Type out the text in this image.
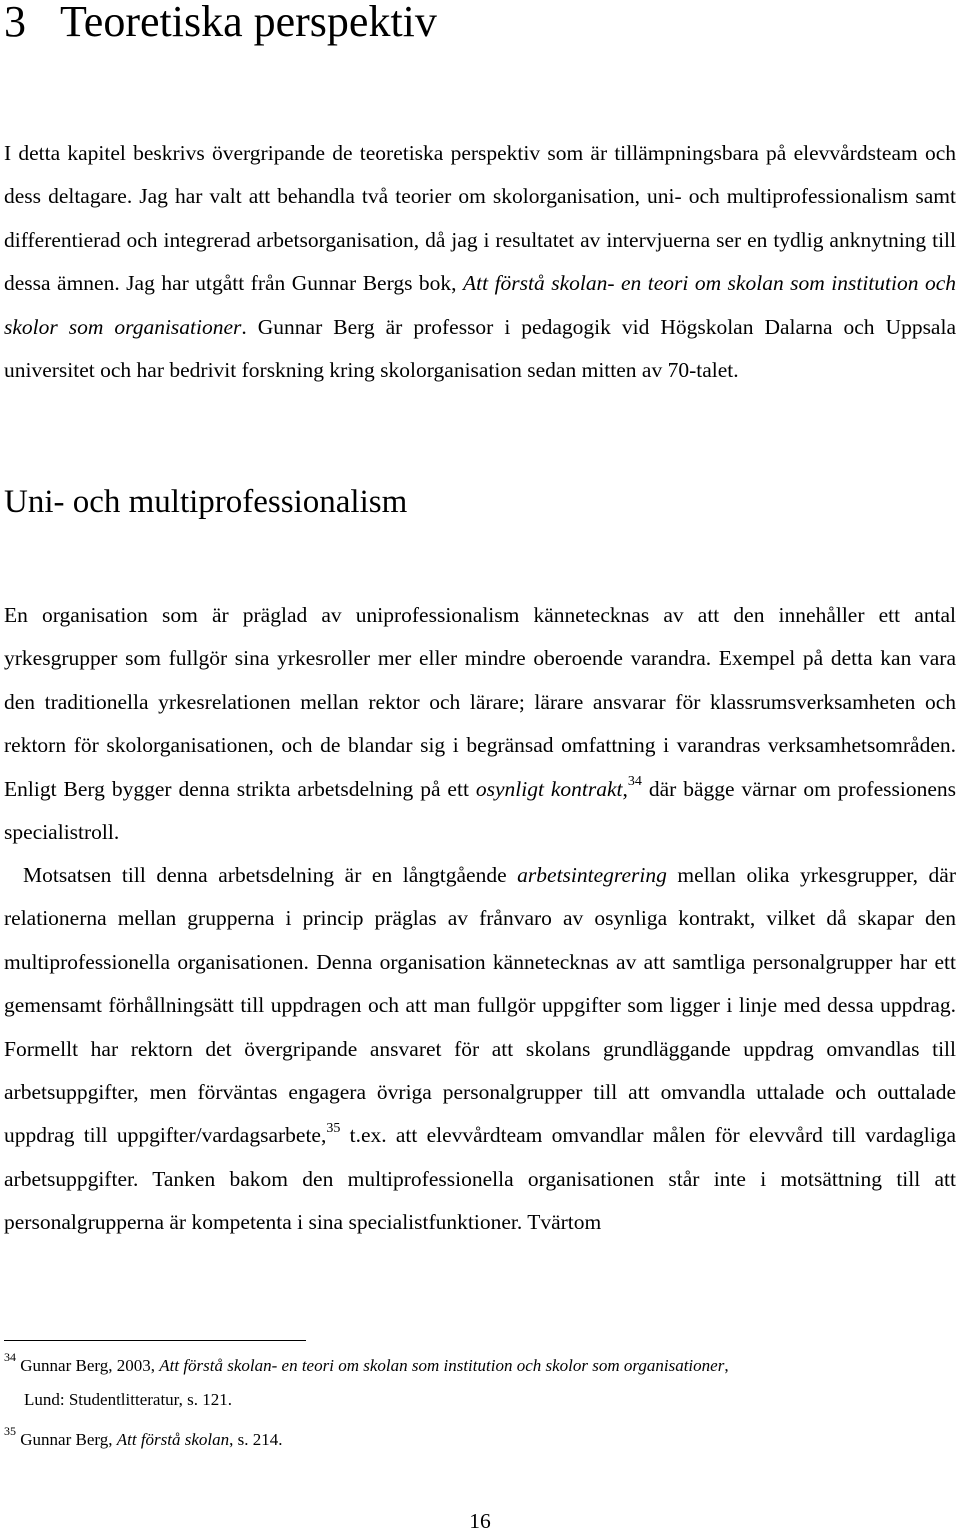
3 Teoretiska perspektiv

I detta kapitel beskrivs övergripande de teoretiska perspektiv som är tillämpningsbara på elevvårdsteam och dess deltagare. Jag har valt att behandla två teorier om skolorganisation, uni- och multiprofessionalism samt differentierad och integrerad arbetsorganisation, då jag i resultatet av intervjuerna ser en tydlig anknytning till dessa ämnen. Jag har utgått från Gunnar Bergs bok, Att förstå skolan- en teori om skolan som institution och skolor som organisationer. Gunnar Berg är professor i pedagogik vid Högskolan Dalarna och Uppsala universitet och har bedrivit forskning kring skolorganisation sedan mitten av 70-talet.

Uni- och multiprofessionalism

En organisation som är präglad av uniprofessionalism kännetecknas av att den innehåller ett antal yrkesgrupper som fullgör sina yrkesroller mer eller mindre oberoende varandra. Exempel på detta kan vara den traditionella yrkesrelationen mellan rektor och lärare; lärare ansvarar för klassrumsverksamheten och rektorn för skolorganisationen, och de blandar sig i begränsad omfattning i varandras verksamhetsområden. Enligt Berg bygger denna strikta arbetsdelning på ett osynligt kontrakt,$^{34}$ där bägge värnar om professionens specialistroll.

Motsatsen till denna arbetsdelning är en långtgående arbetsintegrering mellan olika yrkesgrupper, där relationerna mellan grupperna i princip präglas av frånvaro av osynliga kontrakt, vilket då skapar den multiprofessionella organisationen. Denna organisation kännetecknas av att samtliga personalgrupper har ett gemensamt förhållningsätt till uppdragen och att man fullgör uppgifter som ligger i linje med dessa uppdrag. Formellt har rektorn det övergripande ansvaret för att skolans grundläggande uppdrag omvandlas till arbetsuppgifter, men förväntas engagera övriga personalgrupper till att omvandla uttalade och outtalade uppdrag till uppgifter/vardagsarbete,$^{35}$ t.ex. att elevvårdteam omvandlar målen för elevvård till vardagliga arbetsuppgifter. Tanken bakom den multiprofessionella organisationen står inte i motsättning till att personalgrupperna är kompetenta i sina specialistfunktioner. Tvärtom

$^{34}$ Gunnar Berg, 2003, Att förstå skolan- en teori om skolan som institution och skolor som organisationer,
Lund: Studentlitteratur, s. 121.
$^{35}$ Gunnar Berg, Att förstå skolan, s. 214.
16
